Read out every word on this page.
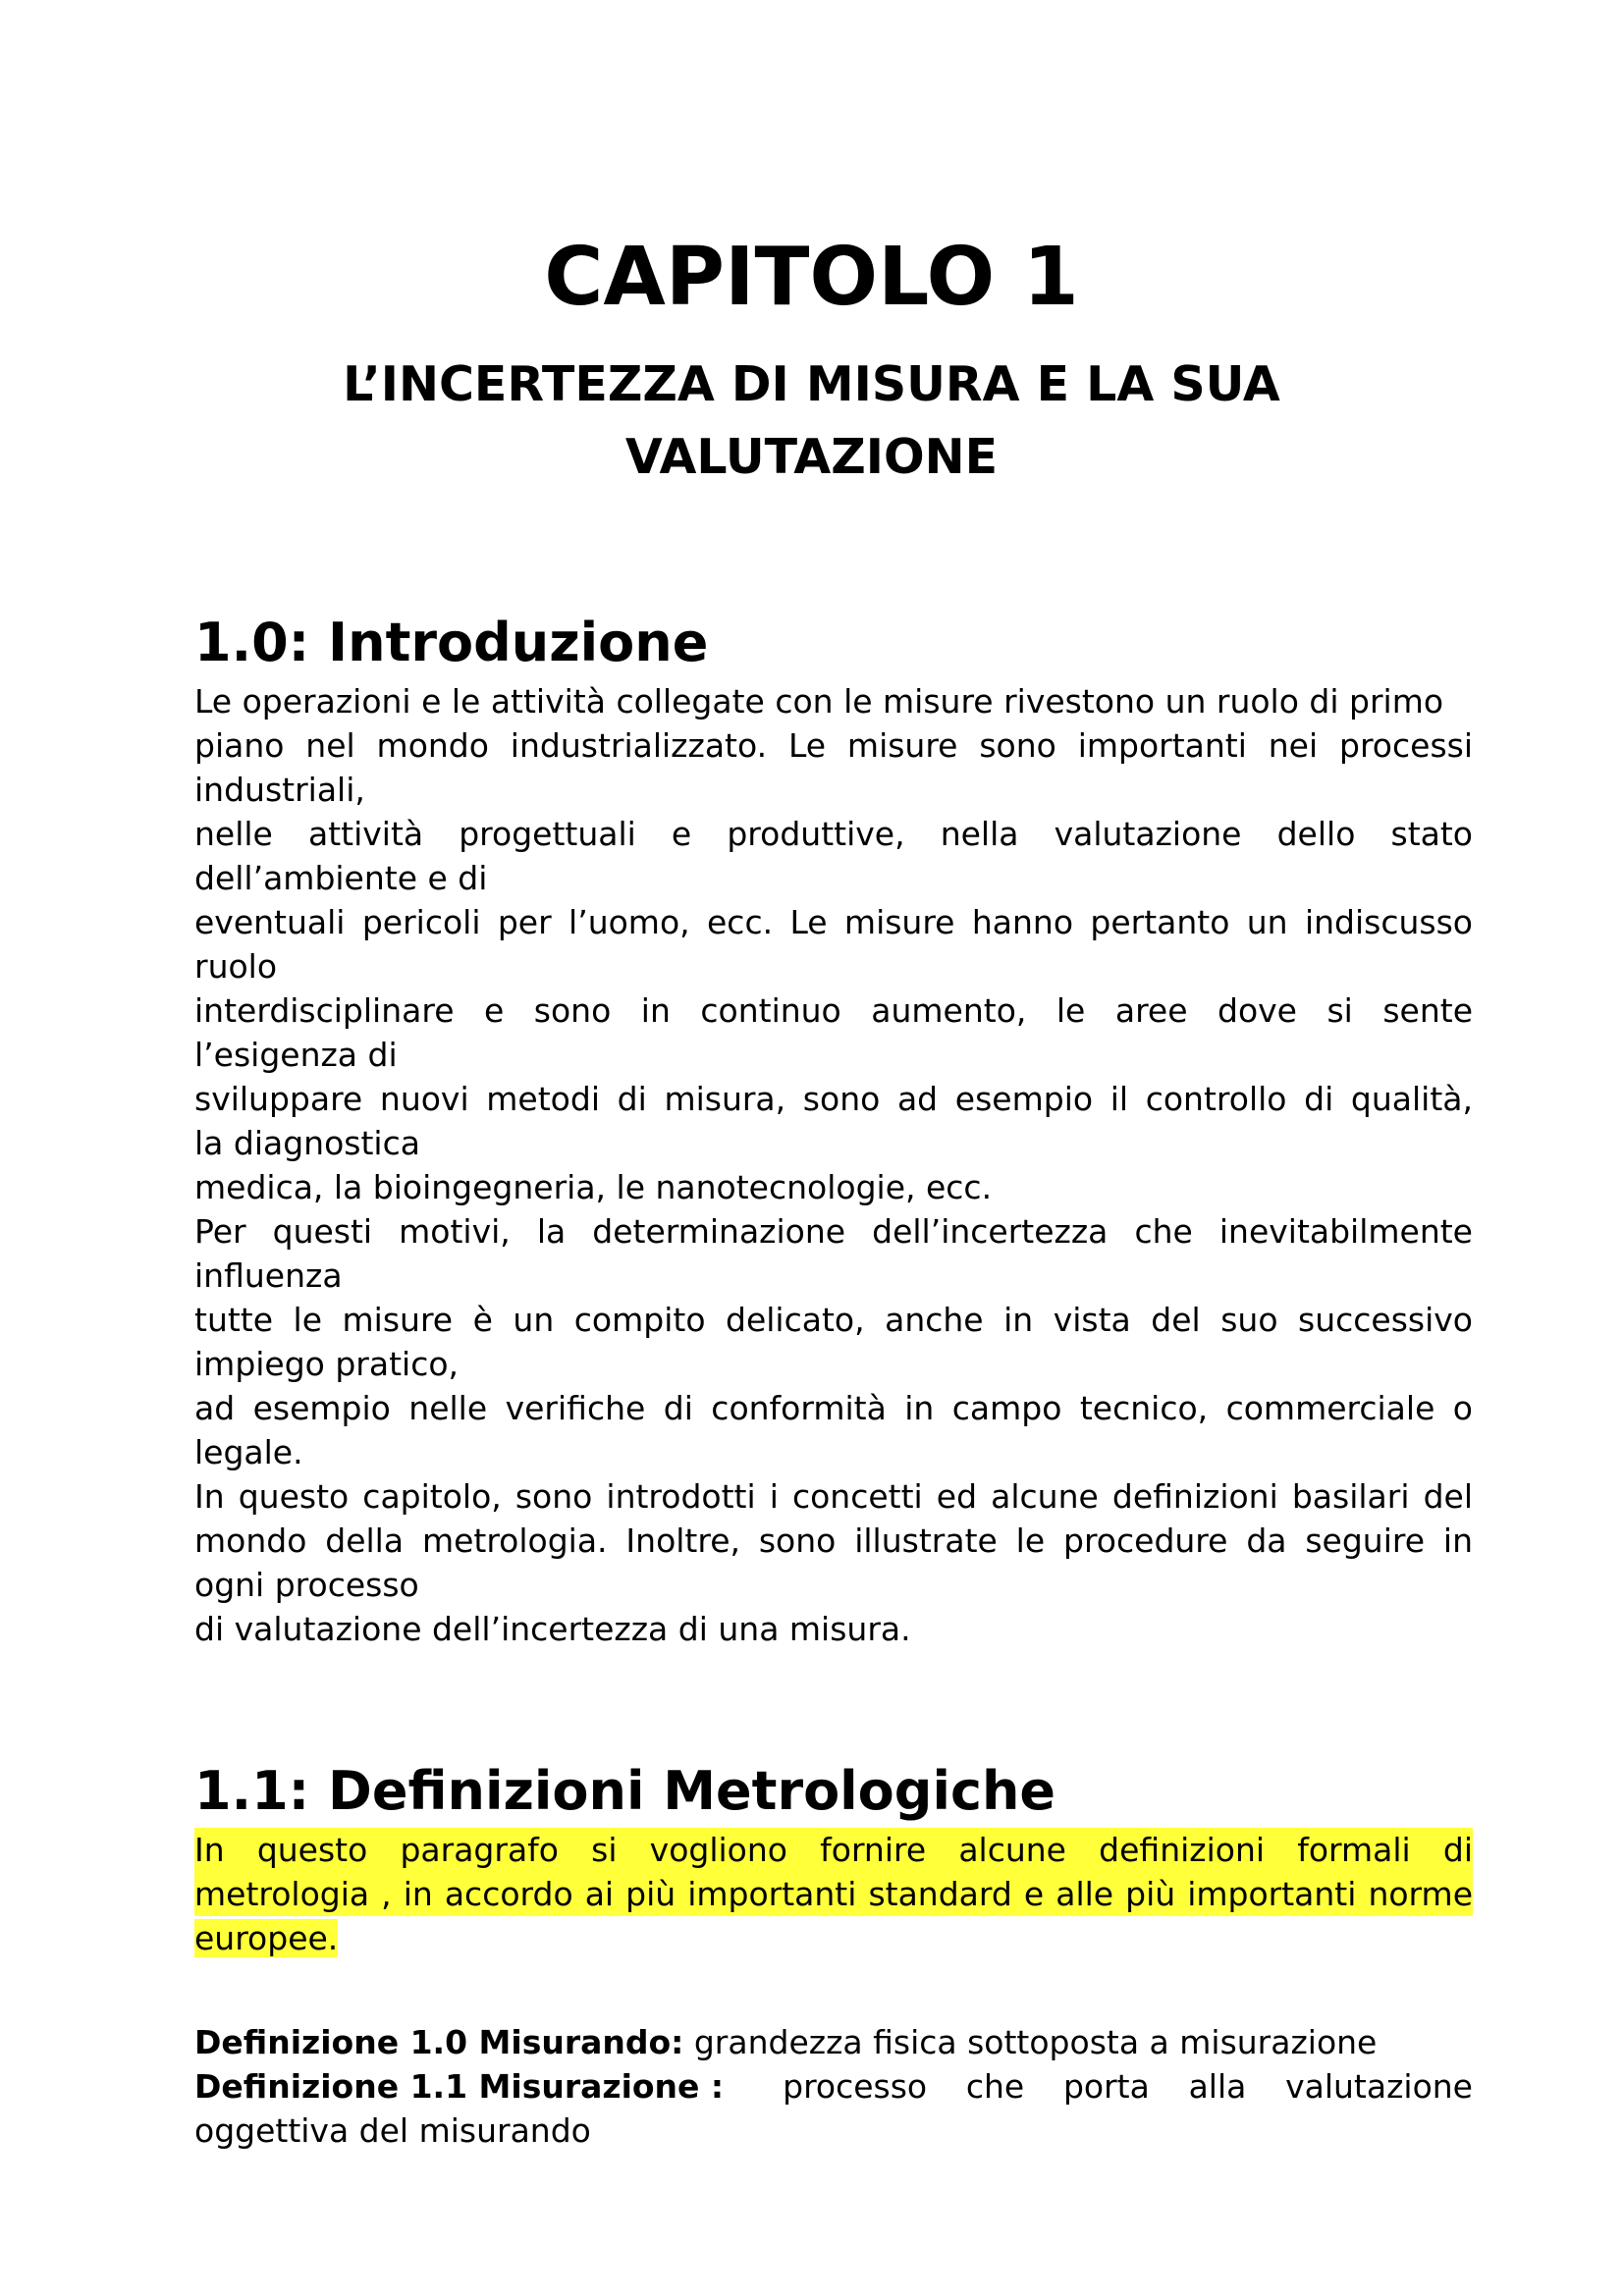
CAPITOLO 1
L’INCERTEZZA DI MISURA E LA SUA
VALUTAZIONE
1.0: Introduzione
Le operazioni e le attività collegate con le misure rivestono un ruolo di primo
piano nel mondo industrializzato. Le misure sono importanti nei processi
industriali,
nelle attività progettuali e produttive, nella valutazione dello stato
dell’ambiente e di
eventuali pericoli per l’uomo, ecc. Le misure hanno pertanto un indiscusso
ruolo
interdisciplinare e sono in continuo aumento, le aree dove si sente
l’esigenza di
sviluppare nuovi metodi di misura, sono ad esempio il controllo di qualità,
la diagnostica
medica, la bioingegneria, le nanotecnologie, ecc.
Per questi motivi, la determinazione dell’incertezza che inevitabilmente
influenza
tutte le misure è un compito delicato, anche in vista del suo successivo
impiego pratico,
ad esempio nelle verifiche di conformità in campo tecnico, commerciale o
legale.
In questo capitolo, sono introdotti i concetti ed alcune definizioni basilari del
mondo della metrologia. Inoltre, sono illustrate le procedure da seguire in
ogni processo
di valutazione dell’incertezza di una misura.
1.1: Definizioni Metrologiche
In questo paragrafo si vogliono fornire alcune definizioni formali di
metrologia , in accordo ai più importanti standard e alle più importanti norme
europee.
Definizione 1.0 Misurando: grandezza fisica sottoposta a misurazione
Definizione 1.1 Misurazione :	processo che porta alla valutazione
oggettiva del misurando
